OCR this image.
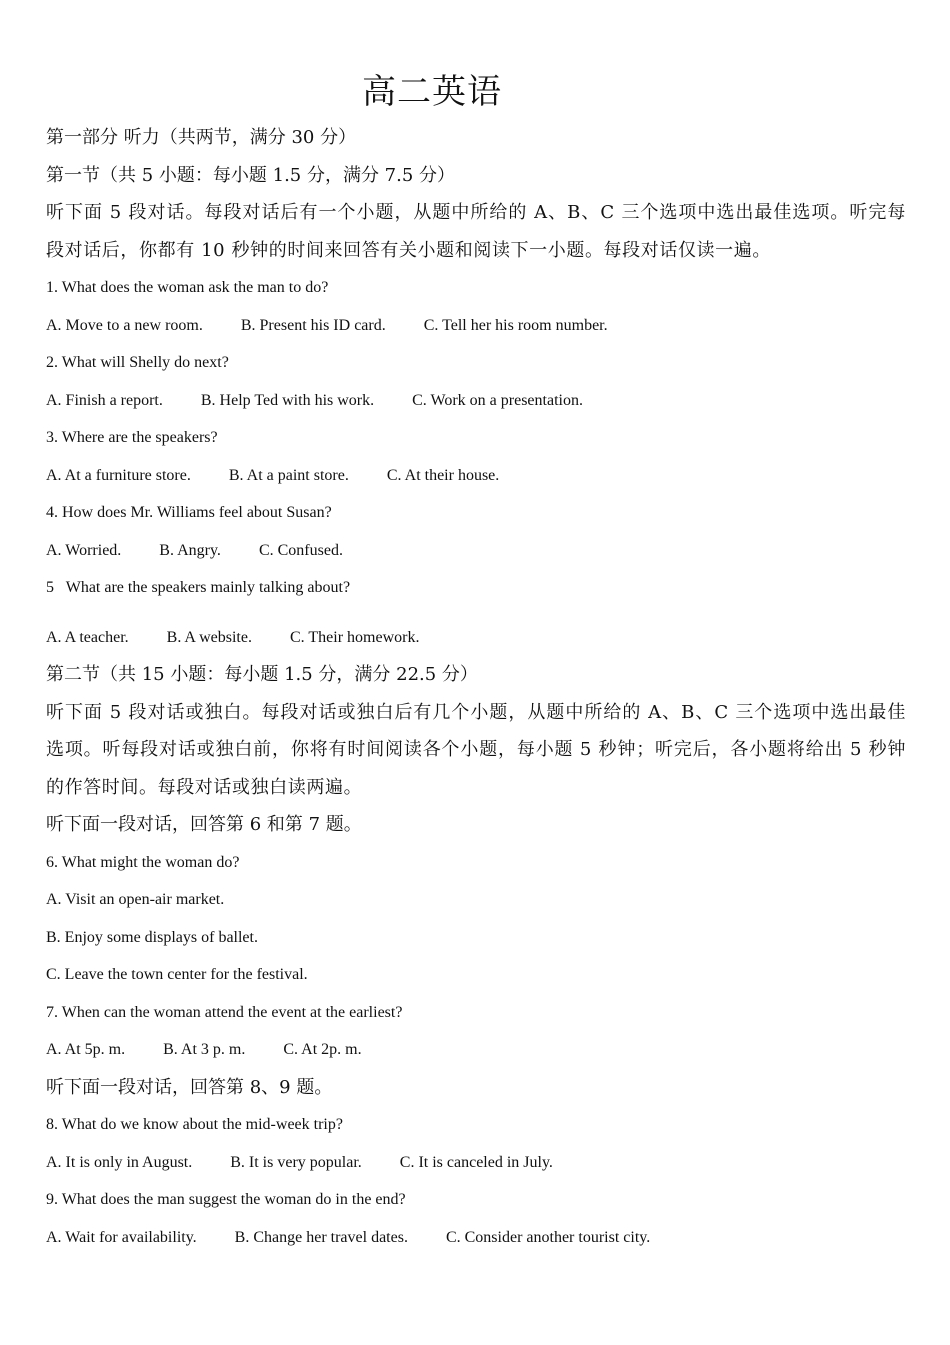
高二英语
第一部分 听力（共两节，满分 30 分）
第一节（共 5 小题：每小题 1.5 分，满分 7.5 分）
听下面 5 段对话。每段对话后有一个小题，从题中所给的 A、B、C 三个选项中选出最佳选项。听完每段对话后，你都有 10 秒钟的时间来回答有关小题和阅读下一小题。每段对话仅读一遍。
1. What does the woman ask the man to do?
A. Move to a new room. B. Present his ID card. C. Tell her his room number.
2. What will Shelly do next?
A. Finish a report. B. Help Ted with his work. C. Work on a presentation.
3. Where are the speakers?
A. At a furniture store. B. At a paint store. C. At their house.
4. How does Mr. Williams feel about Susan?
A. Worried. B. Angry. C. Confused.
5   What are the speakers mainly talking about?
A. A teacher. B. A website. C. Their homework.
第二节（共 15 小题：每小题 1.5 分，满分 22.5 分）
听下面 5 段对话或独白。每段对话或独白后有几个小题，从题中所给的 A、B、C 三个选项中选出最佳选项。听每段对话或独白前，你将有时间阅读各个小题，每小题 5 秒钟；听完后，各小题将给出 5 秒钟的作答时间。每段对话或独白读两遍。
听下面一段对话，回答第 6 和第 7 题。
6. What might the woman do?
A. Visit an open-air market.
B. Enjoy some displays of ballet.
C. Leave the town center for the festival.
7. When can the woman attend the event at the earliest?
A. At 5p. m. B. At 3 p. m. C. At 2p. m.
听下面一段对话，回答第 8、9 题。
8. What do we know about the mid-week trip?
A. It is only in August. B. It is very popular. C. It is canceled in July.
9. What does the man suggest the woman do in the end?
A. Wait for availability. B. Change her travel dates. C. Consider another tourist city.
